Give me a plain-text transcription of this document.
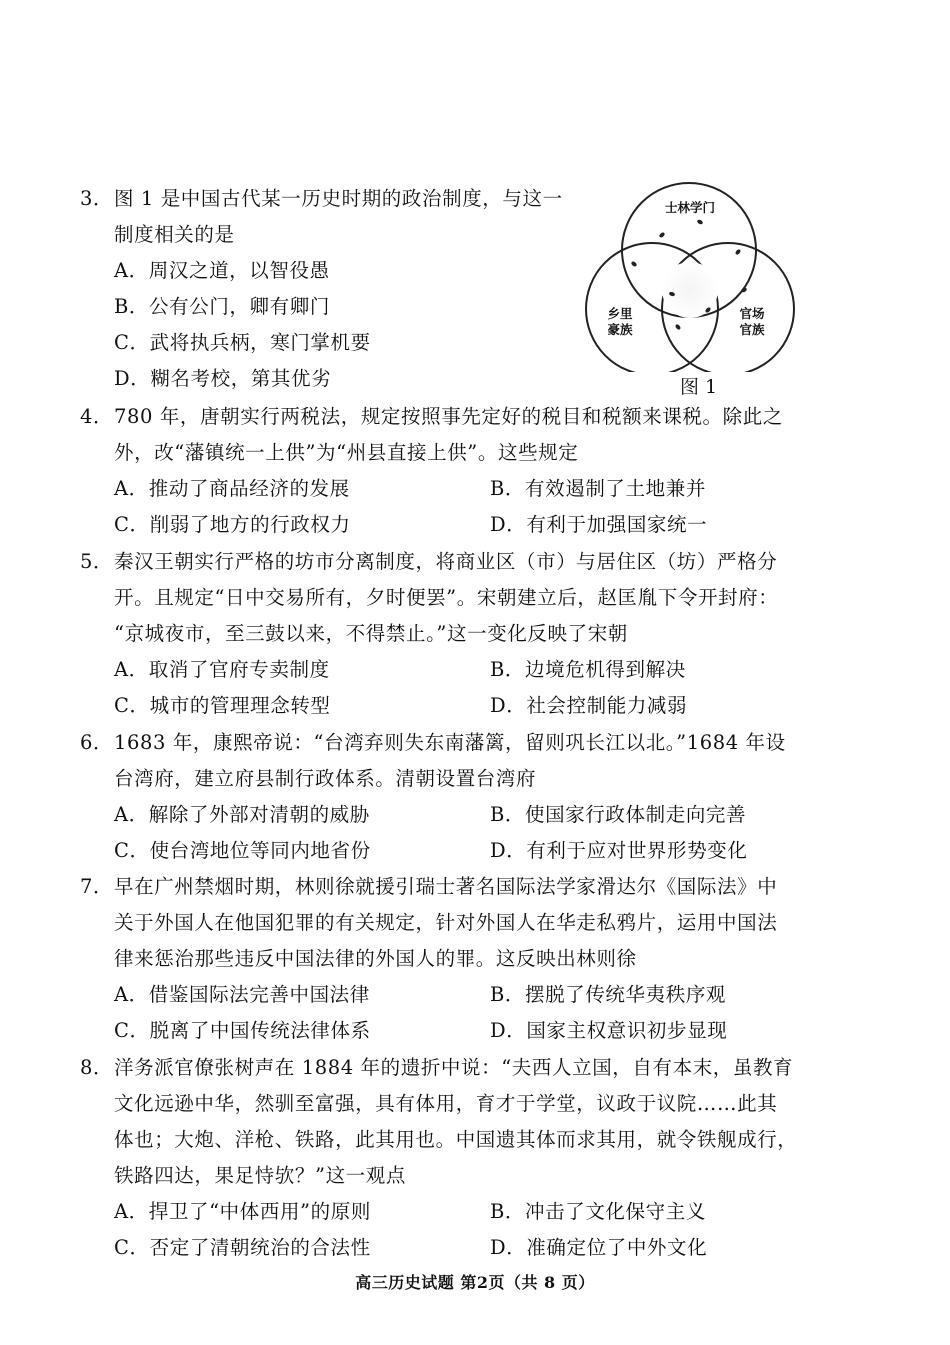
士林学门
乡里
豪族
官场
官族
图 1
3．图 1 是中国古代某一历史时期的政治制度，与这一
制度相关的是
A．周汉之道，以智役愚
B．公有公门，卿有卿门
C．武将执兵柄，寒门掌机要
D．糊名考校，第其优劣
4．780 年，唐朝实行两税法，规定按照事先定好的税目和税额来课税。除此之
外，改“藩镇统一上供”为“州县直接上供”。这些规定
A．推动了商品经济的发展	B．有效遏制了土地兼并
C．削弱了地方的行政权力	D．有利于加强国家统一
5．秦汉王朝实行严格的坊市分离制度，将商业区（市）与居住区（坊）严格分
开。且规定“日中交易所有，夕时便罢”。宋朝建立后，赵匡胤下令开封府：
“京城夜市，至三鼓以来，不得禁止。”这一变化反映了宋朝
A．取消了官府专卖制度	B．边境危机得到解决
C．城市的管理理念转型	D．社会控制能力减弱
6．1683 年，康熙帝说：“台湾弃则失东南藩篱，留则巩长江以北。”1684 年设
台湾府，建立府县制行政体系。清朝设置台湾府
A．解除了外部对清朝的威胁	B．使国家行政体制走向完善
C．使台湾地位等同内地省份	D．有利于应对世界形势变化
7．早在广州禁烟时期，林则徐就援引瑞士著名国际法学家滑达尔《国际法》中
关于外国人在他国犯罪的有关规定，针对外国人在华走私鸦片，运用中国法
律来惩治那些违反中国法律的外国人的罪。这反映出林则徐
A．借鉴国际法完善中国法律	B．摆脱了传统华夷秩序观
C．脱离了中国传统法律体系	D．国家主权意识初步显现
8．洋务派官僚张树声在 1884 年的遗折中说：“夫西人立国，自有本末，虽教育
文化远逊中华，然驯至富强，具有体用，育才于学堂，议政于议院……此其
体也；大炮、洋枪、铁路，此其用也。中国遗其体而求其用，就令铁舰成行，
铁路四达，果足恃欤？”这一观点
A．捍卫了“中体西用”的原则	B．冲击了文化保守主义
C．否定了清朝统治的合法性	D．准确定位了中外文化
高三历史试题 第2页（共 8 页）
